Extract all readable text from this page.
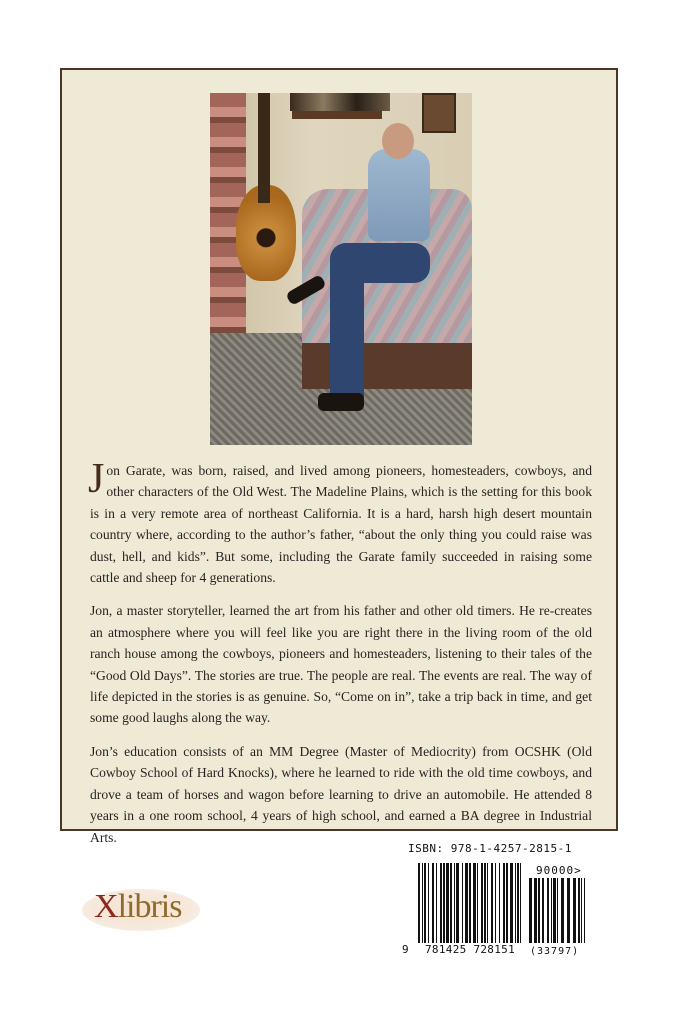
Jon Garate, was born, raised, and lived among pioneers, homesteaders, cowboys, and other characters of the Old West. The Madeline Plains, which is the setting for this book is in a very remote area of northeast California. It is a hard, harsh high desert mountain country where, according to the author’s father, “about the only thing you could raise was dust, hell, and kids”. But some, including the Garate family succeeded in raising some cattle and sheep for 4 generations.

Jon, a master storyteller, learned the art from his father and other old timers. He re-creates an atmosphere where you will feel like you are right there in the living room of the old ranch house among the cowboys, pioneers and homesteaders, listening to their tales of the “Good Old Days”. The stories are true. The people are real. The events are real. The way of life depicted in the stories is as genuine. So, “Come on in”, take a trip back in time, and get some good laughs along the way.

Jon’s education consists of an MM Degree (Master of Mediocrity) from OCSHK (Old Cowboy School of Hard Knocks), where he learned to ride with the old time cowboys, and drove a team of horses and wagon before learning to drive an automobile. He attended 8 years in a one room school, 4 years of high school, and earned a BA degree in Industrial Arts.

Xlibris
ISBN: 978-1-4257-2815-1
9 781425 728151
90000>
(33797)
